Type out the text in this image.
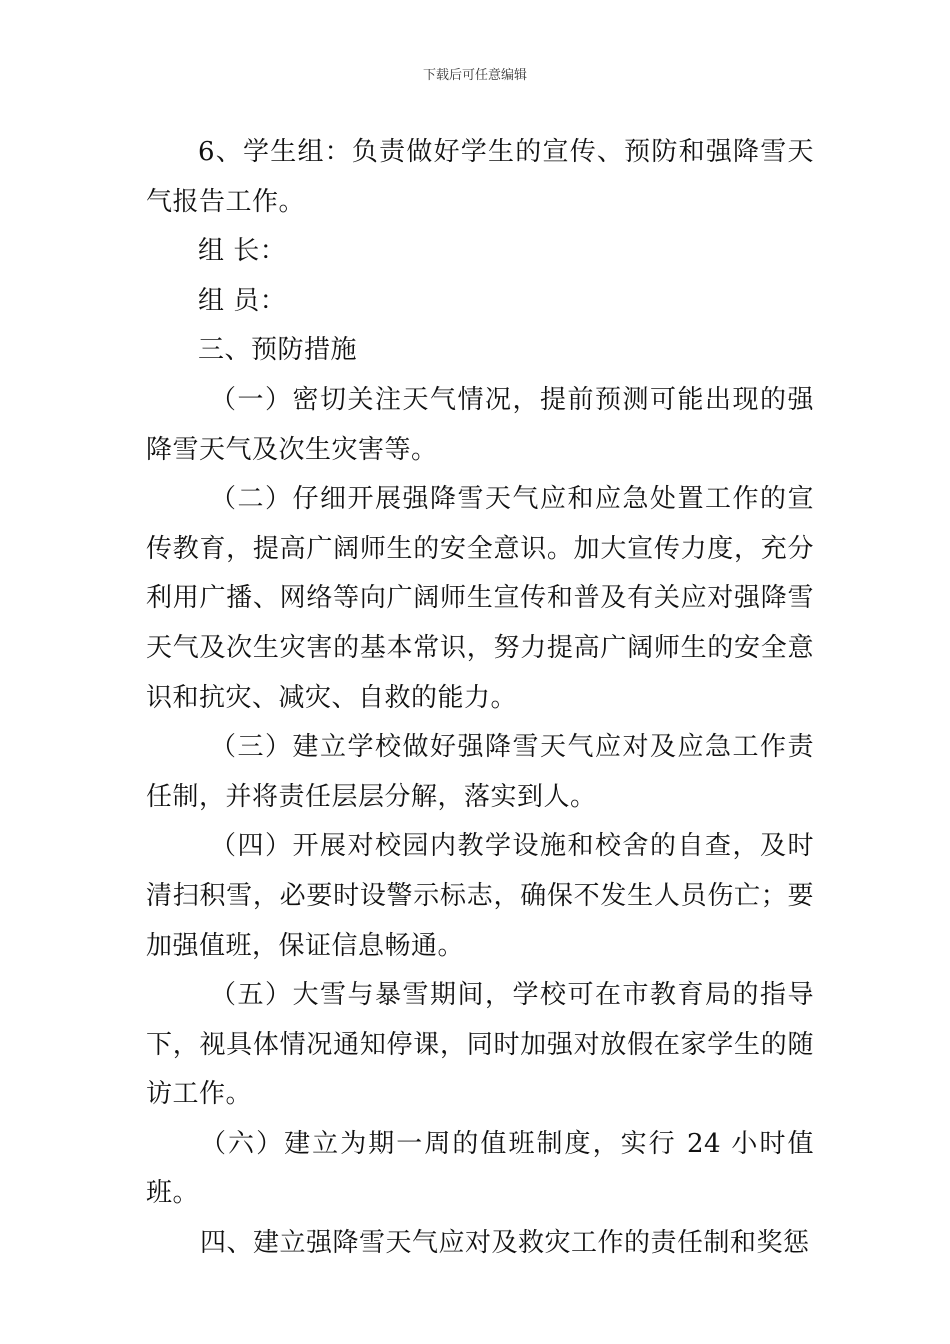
下载后可任意编辑

6、学生组：负责做好学生的宣传、预防和强降雪天气报告工作。

组 长：

组 员：

三、预防措施

（一）密切关注天气情况，提前预测可能出现的强降雪天气及次生灾害等。

（二）仔细开展强降雪天气应和应急处置工作的宣传教育，提高广阔师生的安全意识。加大宣传力度，充分利用广播、网络等向广阔师生宣传和普及有关应对强降雪天气及次生灾害的基本常识，努力提高广阔师生的安全意识和抗灾、减灾、自救的能力。

（三）建立学校做好强降雪天气应对及应急工作责任制，并将责任层层分解，落实到人。

（四）开展对校园内教学设施和校舍的自查，及时清扫积雪，必要时设警示标志，确保不发生人员伤亡；要加强值班，保证信息畅通。

（五）大雪与暴雪期间，学校可在市教育局的指导下，视具体情况通知停课，同时加强对放假在家学生的随访工作。

（六）建立为期一周的值班制度，实行 24 小时值班。

四、建立强降雪天气应对及救灾工作的责任制和奖惩
